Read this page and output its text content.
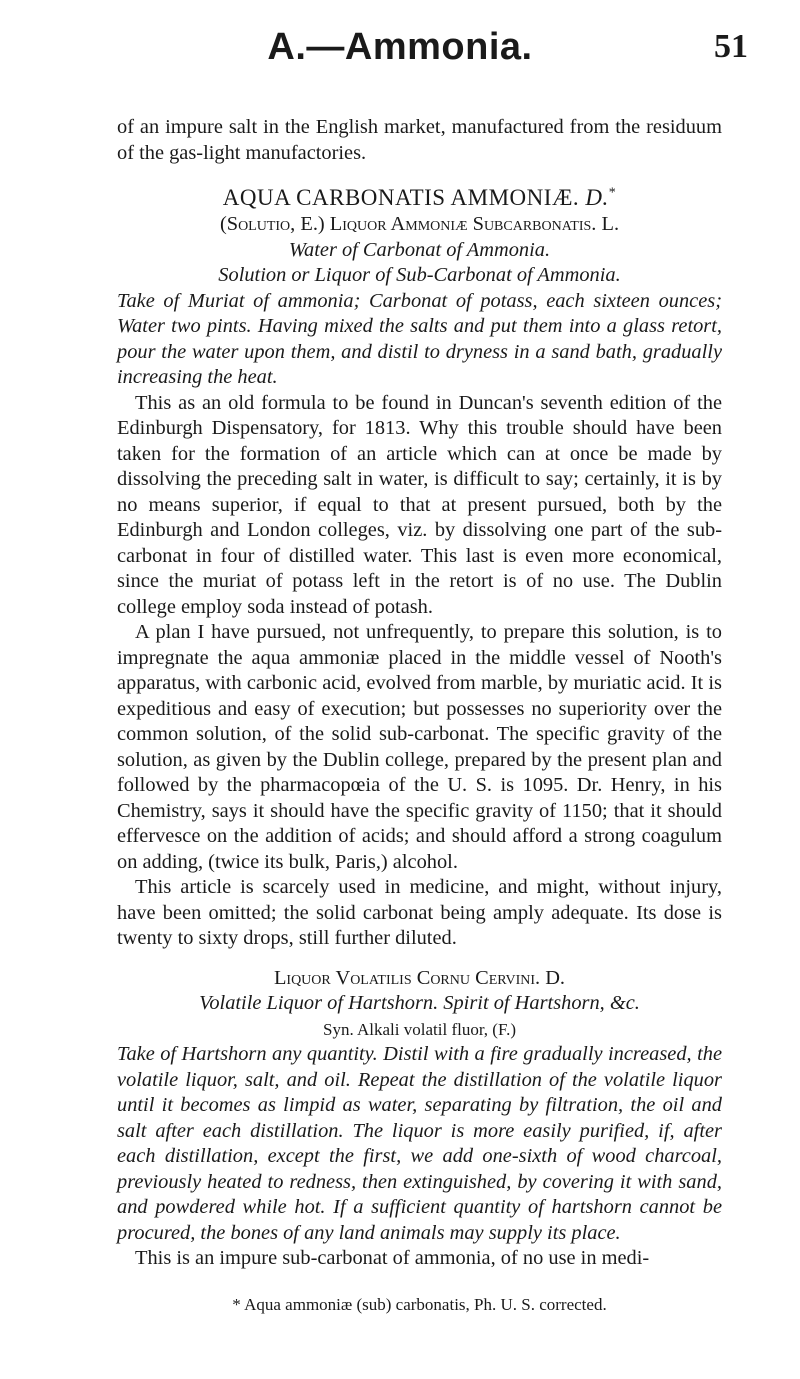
A.—Ammonia.	51

of an impure salt in the English market, manufactured from the residuum of the gas-light manufactories.

AQUA CARBONATIS AMMONIÆ. D.*

(Solutio, E.) Liquor Ammoniæ Subcarbonatis. L.

Water of Carbonat of Ammonia.

Solution or Liquor of Sub-Carbonat of Ammonia.

Take of Muriat of ammonia; Carbonat of potass, each sixteen ounces; Water two pints. Having mixed the salts and put them into a glass retort, pour the water upon them, and distil to dryness in a sand bath, gradually increasing the heat.

This as an old formula to be found in Duncan's seventh edition of the Edinburgh Dispensatory, for 1813. Why this trouble should have been taken for the formation of an article which can at once be made by dissolving the preceding salt in water, is difficult to say; certainly, it is by no means superior, if equal to that at present pursued, both by the Edinburgh and London colleges, viz. by dissolving one part of the sub-carbonat in four of distilled water. This last is even more economical, since the muriat of potass left in the retort is of no use. The Dublin college employ soda instead of potash.

A plan I have pursued, not unfrequently, to prepare this solution, is to impregnate the aqua ammoniæ placed in the middle vessel of Nooth's apparatus, with carbonic acid, evolved from marble, by muriatic acid. It is expeditious and easy of execution; but possesses no superiority over the common solution, of the solid sub-carbonat. The specific gravity of the solution, as given by the Dublin college, prepared by the present plan and followed by the pharmacopœia of the U. S. is 1095. Dr. Henry, in his Chemistry, says it should have the specific gravity of 1150; that it should effervesce on the addition of acids; and should afford a strong coagulum on adding, (twice its bulk, Paris,) alcohol.

This article is scarcely used in medicine, and might, without injury, have been omitted; the solid carbonat being amply adequate. Its dose is twenty to sixty drops, still further diluted.

Liquor Volatilis Cornu Cervini. D.

Volatile Liquor of Hartshorn. Spirit of Hartshorn, &c.

Syn. Alkali volatil fluor, (F.)

Take of Hartshorn any quantity. Distil with a fire gradually increased, the volatile liquor, salt, and oil. Repeat the distillation of the volatile liquor until it becomes as limpid as water, separating by filtration, the oil and salt after each distillation. The liquor is more easily purified, if, after each distillation, except the first, we add one-sixth of wood charcoal, previously heated to redness, then extinguished, by covering it with sand, and powdered while hot. If a sufficient quantity of hartshorn cannot be procured, the bones of any land animals may supply its place.

This is an impure sub-carbonat of ammonia, of no use in medi-

* Aqua ammoniæ (sub) carbonatis, Ph. U. S. corrected.
